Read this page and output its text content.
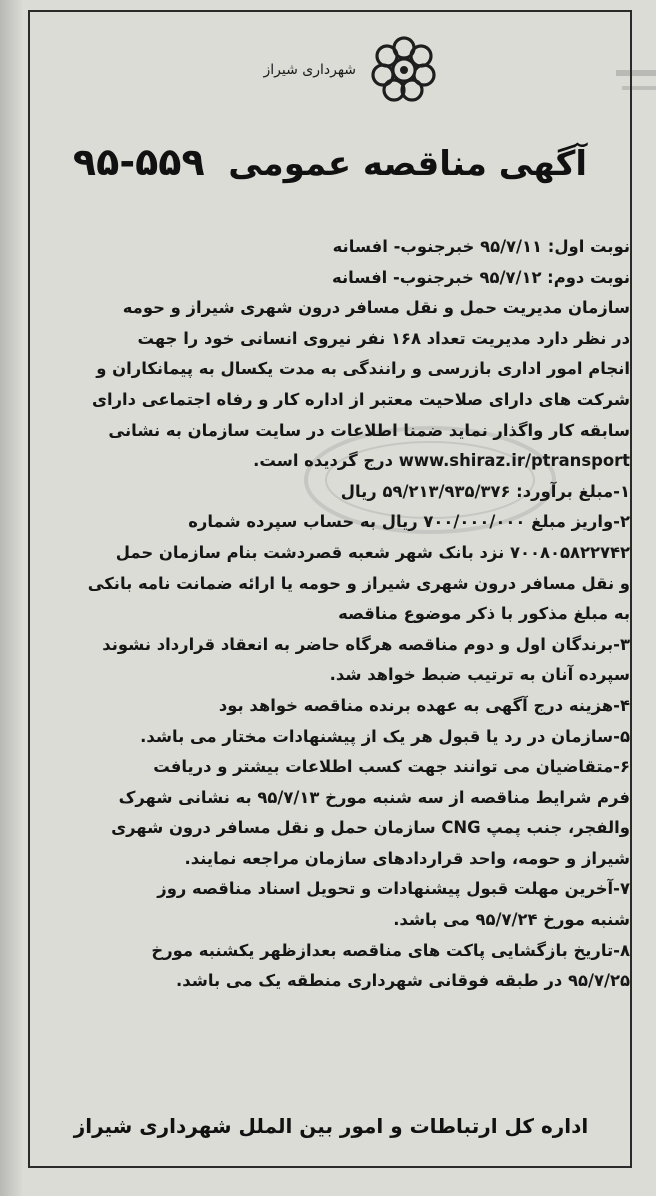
شهرداری شیراز
آگهی مناقصه عمومی ۵۵۹-۹۵
نوبت اول: ۹۵/۷/۱۱ خبرجنوب- افسانه
نوبت دوم: ۹۵/۷/۱۲ خبرجنوب- افسانه
سازمان مدیریت حمل و نقل مسافر درون شهری شیراز و حومه
در نظر دارد مدیریت تعداد ۱۶۸ نفر نیروی انسانی خود را جهت
انجام امور اداری بازرسی و رانندگی به مدت یکسال به پیمانکاران و
شرکت های دارای صلاحیت معتبر از اداره کار و رفاه اجتماعی دارای
سابقه کار واگذار نماید ضمنا اطلاعات در سایت سازمان به نشانی
www.shiraz.ir/ptransport درج گردیده است.
۱-مبلغ برآورد: ۵۹/۲۱۳/۹۳۵/۳۷۶ ریال
۲-واریز مبلغ ۷۰۰/۰۰۰/۰۰۰ ریال به حساب سپرده شماره
۷۰۰۸۰۵۸۲۲۷۴۲ نزد بانک شهر شعبه قصردشت بنام سازمان حمل
و نقل مسافر درون شهری شیراز و حومه یا ارائه ضمانت نامه بانکی
به مبلغ مذکور با ذکر موضوع مناقصه
۳-برندگان اول و دوم مناقصه هرگاه حاضر به انعقاد قرارداد نشوند
سپرده آنان به ترتیب ضبط خواهد شد.
۴-هزینه درج آگهی به عهده برنده مناقصه خواهد بود
۵-سازمان در رد یا قبول هر یک از پیشنهادات مختار می باشد.
۶-متقاضیان می توانند جهت کسب اطلاعات بیشتر و دریافت
فرم شرایط مناقصه از سه شنبه مورخ ۹۵/۷/۱۳ به نشانی شهرک
والفجر، جنب پمپ CNG سازمان حمل و نقل مسافر درون شهری
شیراز و حومه، واحد قراردادهای سازمان مراجعه نمایند.
۷-آخرین مهلت قبول پیشنهادات و تحویل اسناد مناقصه روز
شنبه مورخ ۹۵/۷/۲۴ می باشد.
۸-تاریخ بازگشایی پاکت های مناقصه بعدازظهر یکشنبه مورخ
۹۵/۷/۲۵ در طبقه فوقانی شهرداری منطقه یک می باشد.
اداره کل ارتباطات و امور بین الملل شهرداری شیراز
